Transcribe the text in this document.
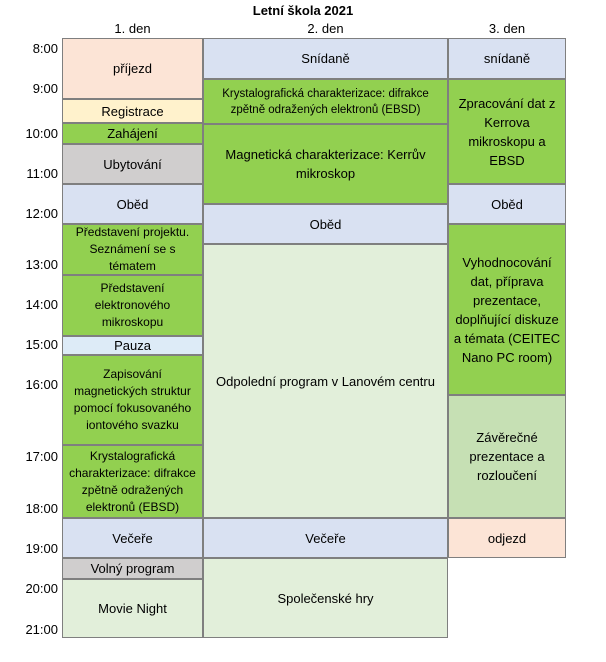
Letní škola 2021
1. den	2. den	3. den
8:00
9:00
10:00
11:00
12:00
13:00
14:00
15:00
16:00
17:00
18:00
19:00
20:00
21:00
příjezd
Registrace
Zahájení
Ubytování
Oběd
Představení projektu. Seznámení se s tématem
Představení elektronového mikroskopu
Pauza
Zapisování magnetických struktur pomocí fokusovaného iontového svazku
Krystalografická charakterizace: difrakce zpětně odražených elektronů (EBSD)
Večeře
Volný program
Movie Night
Snídaně
Krystalografická charakterizace: difrakce zpětně odražených elektronů (EBSD)
Magnetická charakterizace: Kerrův mikroskop
Oběd
Odpolední program v Lanovém centru
Večeře
Společenské hry
snídaně
Zpracování dat z Kerrova mikroskopu a EBSD
Oběd
Vyhodnocování dat, příprava prezentace, doplňující diskuze a témata (CEITEC Nano PC room)
Závěrečné prezentace a rozloučení
odjezd
